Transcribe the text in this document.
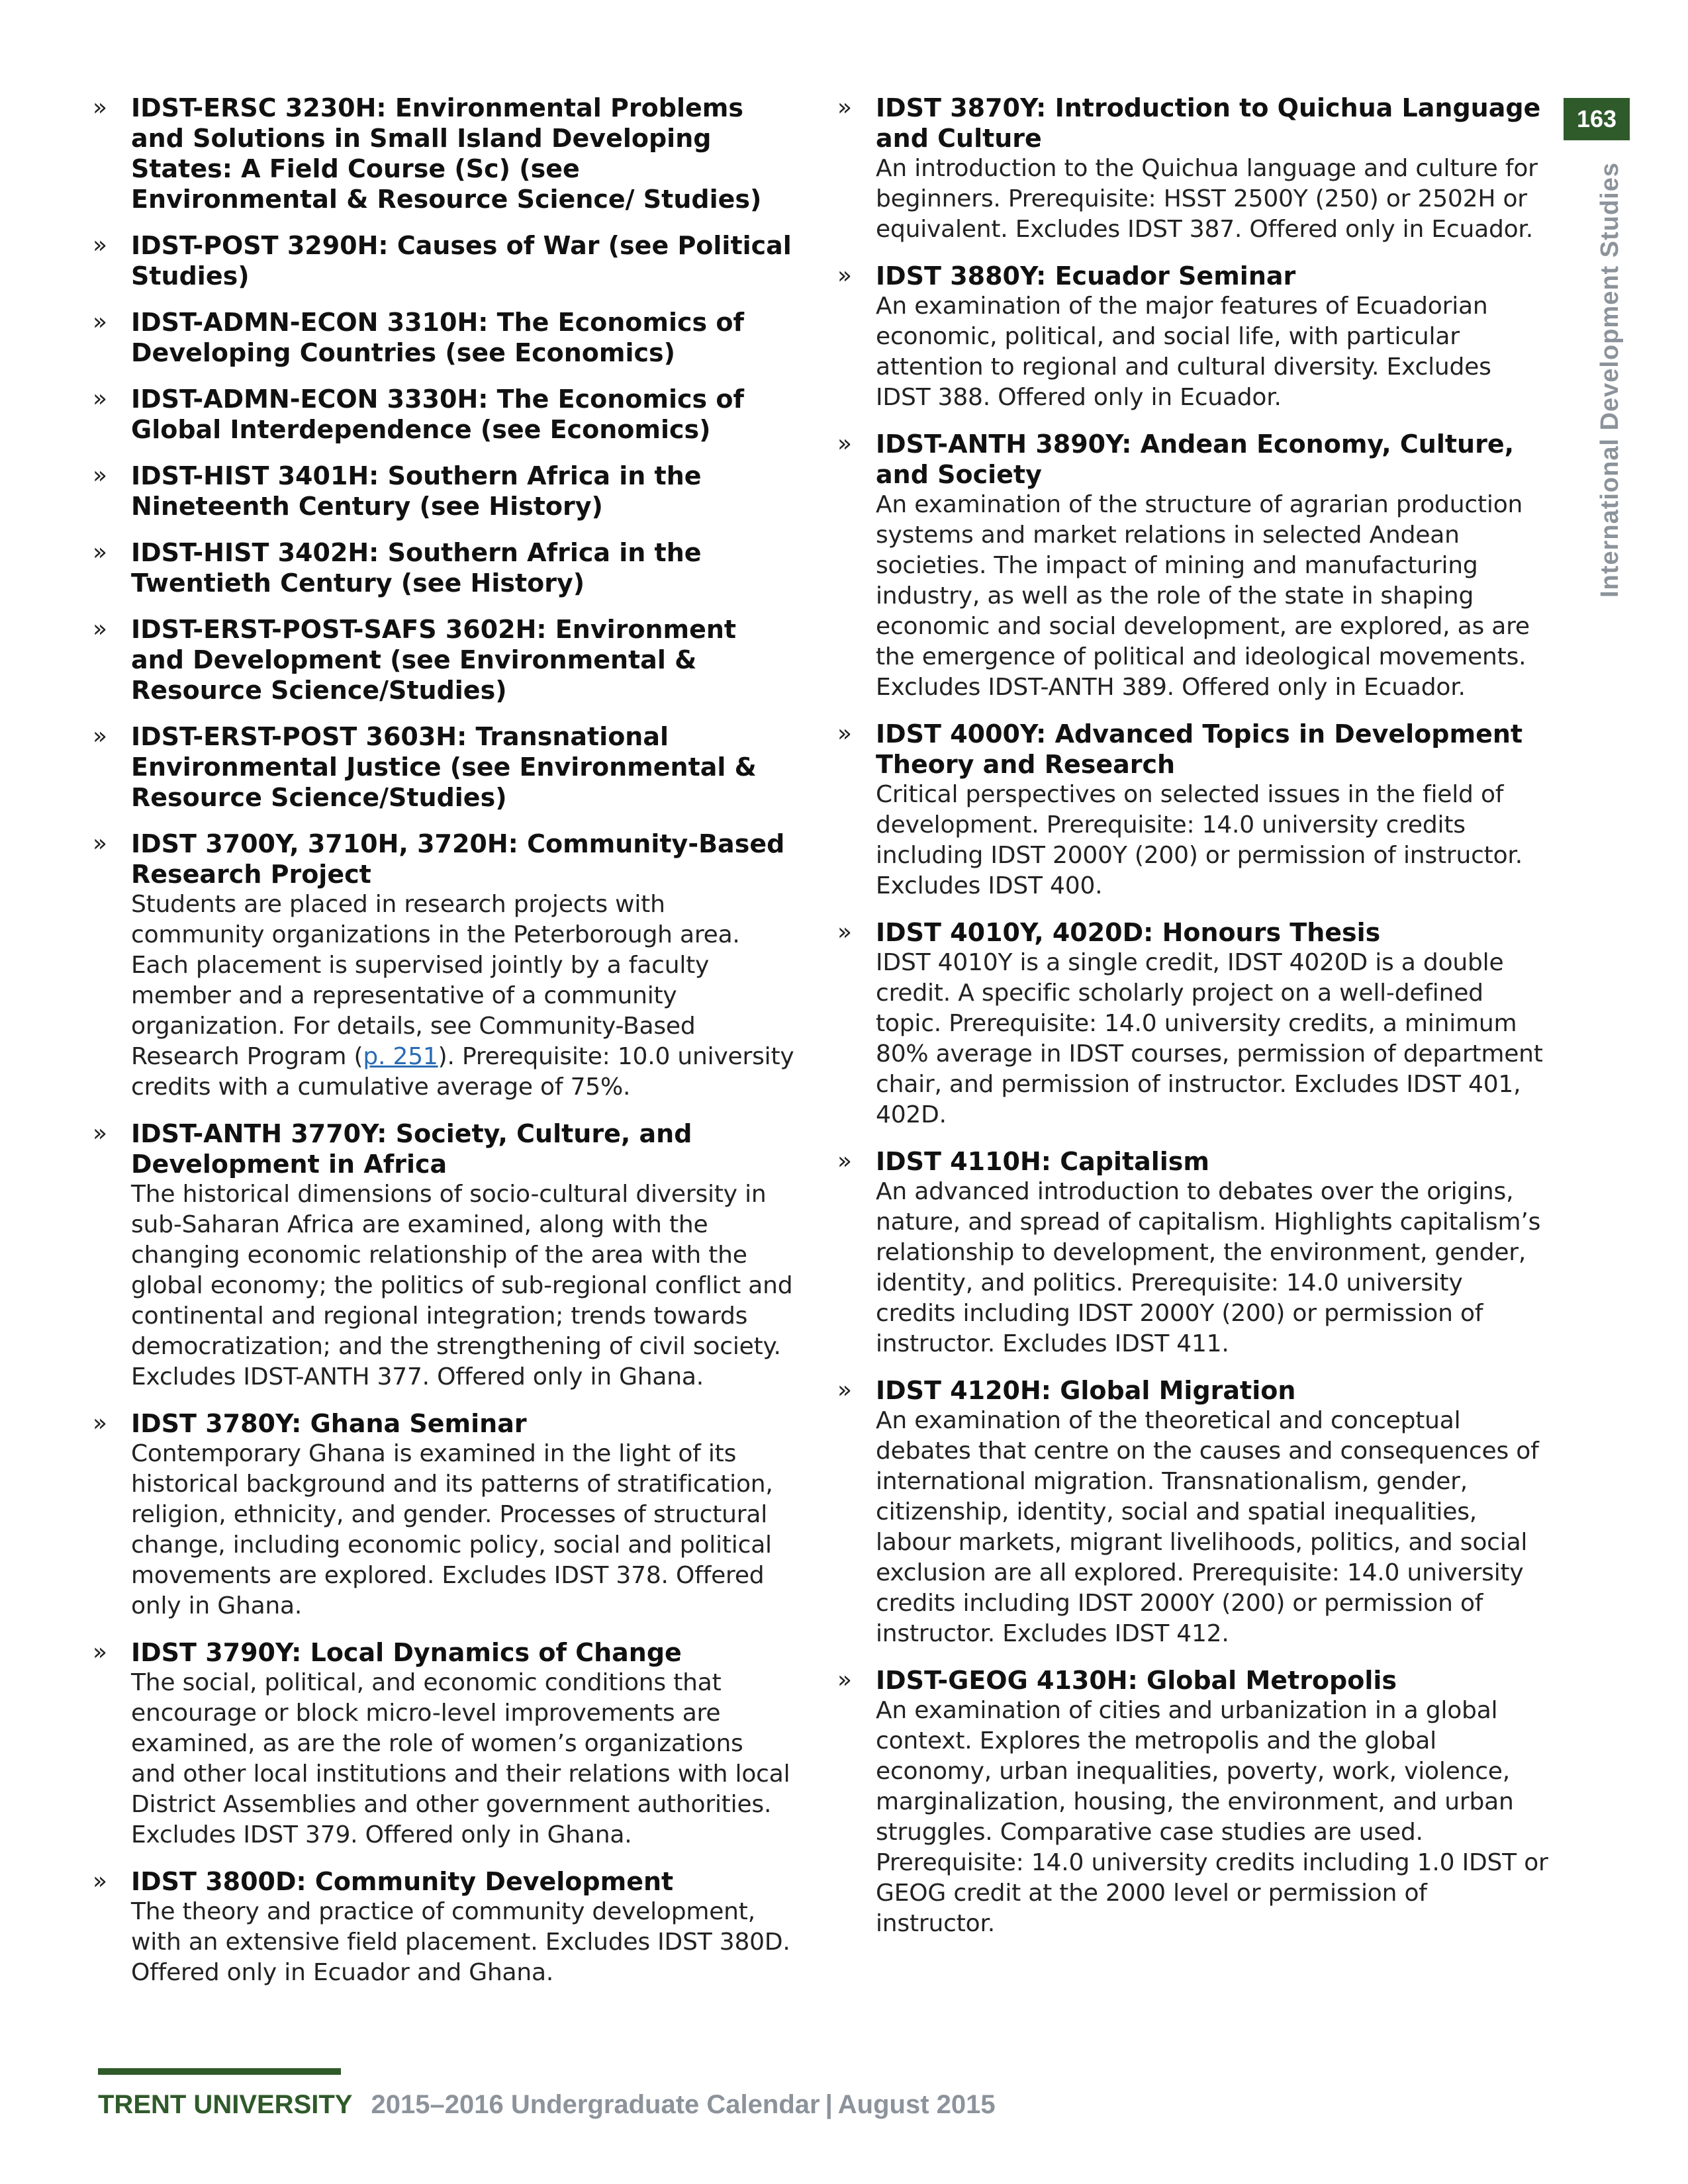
» IDST-ERSC 3230H: Environmental Problems and Solutions in Small Island Developing States: A Field Course (Sc) (see Environmental & Resource Science/ Studies)
» IDST-POST 3290H: Causes of War (see Political Studies)
» IDST-ADMN-ECON 3310H: The Economics of Developing Countries (see Economics)
» IDST-ADMN-ECON 3330H: The Economics of Global Interdependence (see Economics)
» IDST-HIST 3401H: Southern Africa in the Nineteenth Century (see History)
» IDST-HIST 3402H: Southern Africa in the Twentieth Century (see History)
» IDST-ERST-POST-SAFS 3602H: Environment and Development (see Environmental & Resource Science/Studies)
» IDST-ERST-POST 3603H: Transnational Environmental Justice (see Environmental & Resource Science/Studies)
» IDST 3700Y, 3710H, 3720H: Community-Based Research Project
Students are placed in research projects with community organizations in the Peterborough area. Each placement is supervised jointly by a faculty member and a representative of a community organization. For details, see Community-Based Research Program (p. 251). Prerequisite: 10.0 university credits with a cumulative average of 75%.
» IDST-ANTH 3770Y: Society, Culture, and Development in Africa
The historical dimensions of socio-cultural diversity in sub-Saharan Africa are examined, along with the changing economic relationship of the area with the global economy; the politics of sub-regional conflict and continental and regional integration; trends towards democratization; and the strengthening of civil society. Excludes IDST-ANTH 377. Offered only in Ghana.
» IDST 3780Y: Ghana Seminar
Contemporary Ghana is examined in the light of its historical background and its patterns of stratification, religion, ethnicity, and gender. Processes of structural change, including economic policy, social and political movements are explored. Excludes IDST 378. Offered only in Ghana.
» IDST 3790Y: Local Dynamics of Change
The social, political, and economic conditions that encourage or block micro-level improvements are examined, as are the role of women’s organizations and other local institutions and their relations with local District Assemblies and other government authorities. Excludes IDST 379. Offered only in Ghana.
» IDST 3800D: Community Development
The theory and practice of community development, with an extensive field placement. Excludes IDST 380D. Offered only in Ecuador and Ghana.
» IDST 3870Y: Introduction to Quichua Language and Culture
An introduction to the Quichua language and culture for beginners. Prerequisite: HSST 2500Y (250) or 2502H or equivalent. Excludes IDST 387. Offered only in Ecuador.
» IDST 3880Y: Ecuador Seminar
An examination of the major features of Ecuadorian economic, political, and social life, with particular attention to regional and cultural diversity. Excludes IDST 388. Offered only in Ecuador.
» IDST-ANTH 3890Y: Andean Economy, Culture, and Society
An examination of the structure of agrarian production systems and market relations in selected Andean societies. The impact of mining and manufacturing industry, as well as the role of the state in shaping economic and social development, are explored, as are the emergence of political and ideological movements. Excludes IDST-ANTH 389. Offered only in Ecuador.
» IDST 4000Y: Advanced Topics in Development Theory and Research
Critical perspectives on selected issues in the field of development. Prerequisite: 14.0 university credits including IDST 2000Y (200) or permission of instructor. Excludes IDST 400.
» IDST 4010Y, 4020D: Honours Thesis
IDST 4010Y is a single credit, IDST 4020D is a double credit. A specific scholarly project on a well-defined topic. Prerequisite: 14.0 university credits, a minimum 80% average in IDST courses, permission of department chair, and permission of instructor. Excludes IDST 401, 402D.
» IDST 4110H: Capitalism
An advanced introduction to debates over the origins, nature, and spread of capitalism. Highlights capitalism’s relationship to development, the environment, gender, identity, and politics. Prerequisite: 14.0 university credits including IDST 2000Y (200) or permission of instructor. Excludes IDST 411.
» IDST 4120H: Global Migration
An examination of the theoretical and conceptual debates that centre on the causes and consequences of international migration. Transnationalism, gender, citizenship, identity, social and spatial inequalities, labour markets, migrant livelihoods, politics, and social exclusion are all explored. Prerequisite: 14.0 university credits including IDST 2000Y (200) or permission of instructor. Excludes IDST 412.
» IDST-GEOG 4130H: Global Metropolis
An examination of cities and urbanization in a global context. Explores the metropolis and the global economy, urban inequalities, poverty, work, violence, marginalization, housing, the environment, and urban struggles. Comparative case studies are used. Prerequisite: 14.0 university credits including 1.0 IDST or GEOG credit at the 2000 level or permission of instructor.
163
International Development Studies
TRENT UNIVERSITY 2015–2016 Undergraduate Calendar | August 2015
